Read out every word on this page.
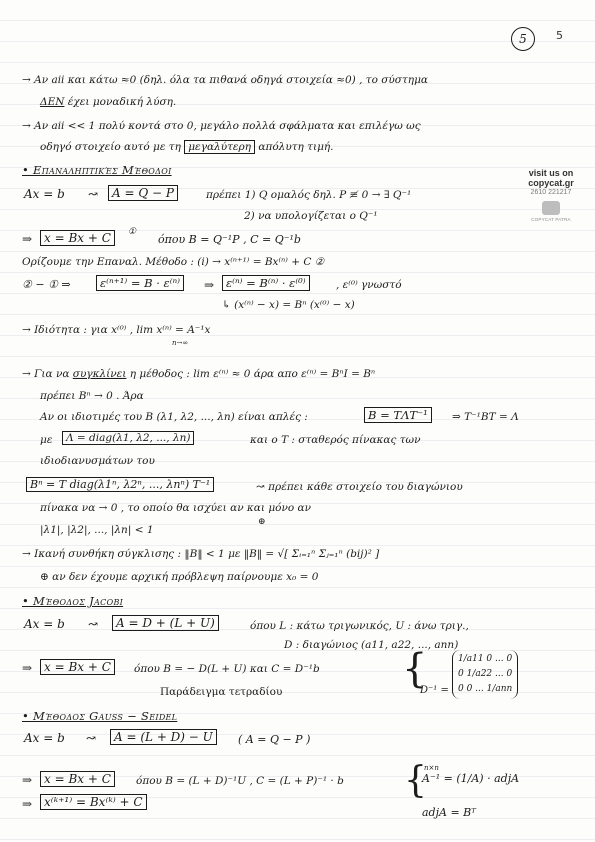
5	5
visit us on
copycat.gr
2610 221217
COPYCAT PATRA
→ Αν aii και κάτω ≈0 (δηλ. όλα τα πιθανά οδηγά στοιχεία ≈0) , το σύστημα
ΔΕΝ έχει μοναδική λύση.
→ Αν aii << 1 πολύ κοντά στο 0, μεγάλο πολλά σφάλματα και επιλέγω ως
οδηγό στοιχείο αυτό με τη μεγαλύτερη απόλυτη τιμή.
• Επαναληπτικές Μέθοδοι
Ax = b ↝	A = Q − P	πρέπει 1) Q ομαλός δηλ. P ≢ 0 → ∃ Q⁻¹
2) να υπολογίζεται ο Q⁻¹
⇒ x = Bx + C	①
όπου B = Q⁻¹P , C = Q⁻¹b
Ορίζουμε την Επαναλ. Μέθοδο : (i) → x⁽ⁿ⁺¹⁾ = Bx⁽ⁿ⁾ + C ②
② − ① ⇒	ε⁽ⁿ⁺¹⁾ = B · ε⁽ⁿ⁾	⇒	ε⁽ⁿ⁾ = B⁽ⁿ⁾ · ε⁽⁰⁾	, ε⁽⁰⁾ γνωστό
↳ (x⁽ⁿ⁾ − x) = Bⁿ (x⁽⁰⁾ − x)
→ Ιδιότητα : για x⁽⁰⁾ , lim x⁽ⁿ⁾ = A⁻¹x
n→∞
→ Για να συγκλίνει η μέθοδος : lim ε⁽ⁿ⁾ ≈ 0 άρα απο ε⁽ⁿ⁾ = BⁿI = Bⁿ
πρέπει Bⁿ → 0 . Άρα
Αν οι ιδιοτιμές του B (λ1, λ2, ..., λn) είναι απλές :	B = TΛT⁻¹	⇒ T⁻¹BT = Λ
με	Λ = diag(λ1, λ2, ..., λn)	και ο T : σταθερός πίνακας των
ιδιοδιανυσμάτων του
Bⁿ = T diag(λ1ⁿ, λ2ⁿ, ..., λnⁿ) T⁻¹	↝ πρέπει κάθε στοιχείο του διαγώνιου
πίνακα να → 0 , το οποίο θα ισχύει αν και μόνο αν
|λ1|, |λ2|, ..., |λn| < 1
⊕
→ Ικανή συνθήκη σύγκλισης : ‖B‖ < 1 με ‖B‖ = √[ Σᵢ₌₁ⁿ Σⱼ₌₁ⁿ (bij)² ]
⊕ αν δεν έχουμε αρχική πρόβλεψη παίρνουμε x₀ = 0
• Μέθοδος Jacobi
Ax = b ↝	A = D + (L + U)	όπου L : κάτω τριγωνικός, U : άνω τριγ.,
D : διαγώνιος (a11, a22, ..., ann)
⇒ x = Bx + C	όπου B = − D(L + U) και C = D⁻¹b
Παράδειγμα τετραδίου	{
D⁻¹ =
1/a11 0 ... 0
0 1/a22 ... 0
0 0 ... 1/ann
• Μέθοδος Gauss − Seidel
Ax = b ↝	A = (L + D) − U	( A = Q − P )
⇒ x = Bx + C	όπου B = (L + D)⁻¹U , C = (L + P)⁻¹ · b
n×n
{
A⁻¹ = (1/A) · adjA
⇒ x⁽ᵏ⁺¹⁾ = Bx⁽ᵏ⁾ + C
adjA = Bᵀ
